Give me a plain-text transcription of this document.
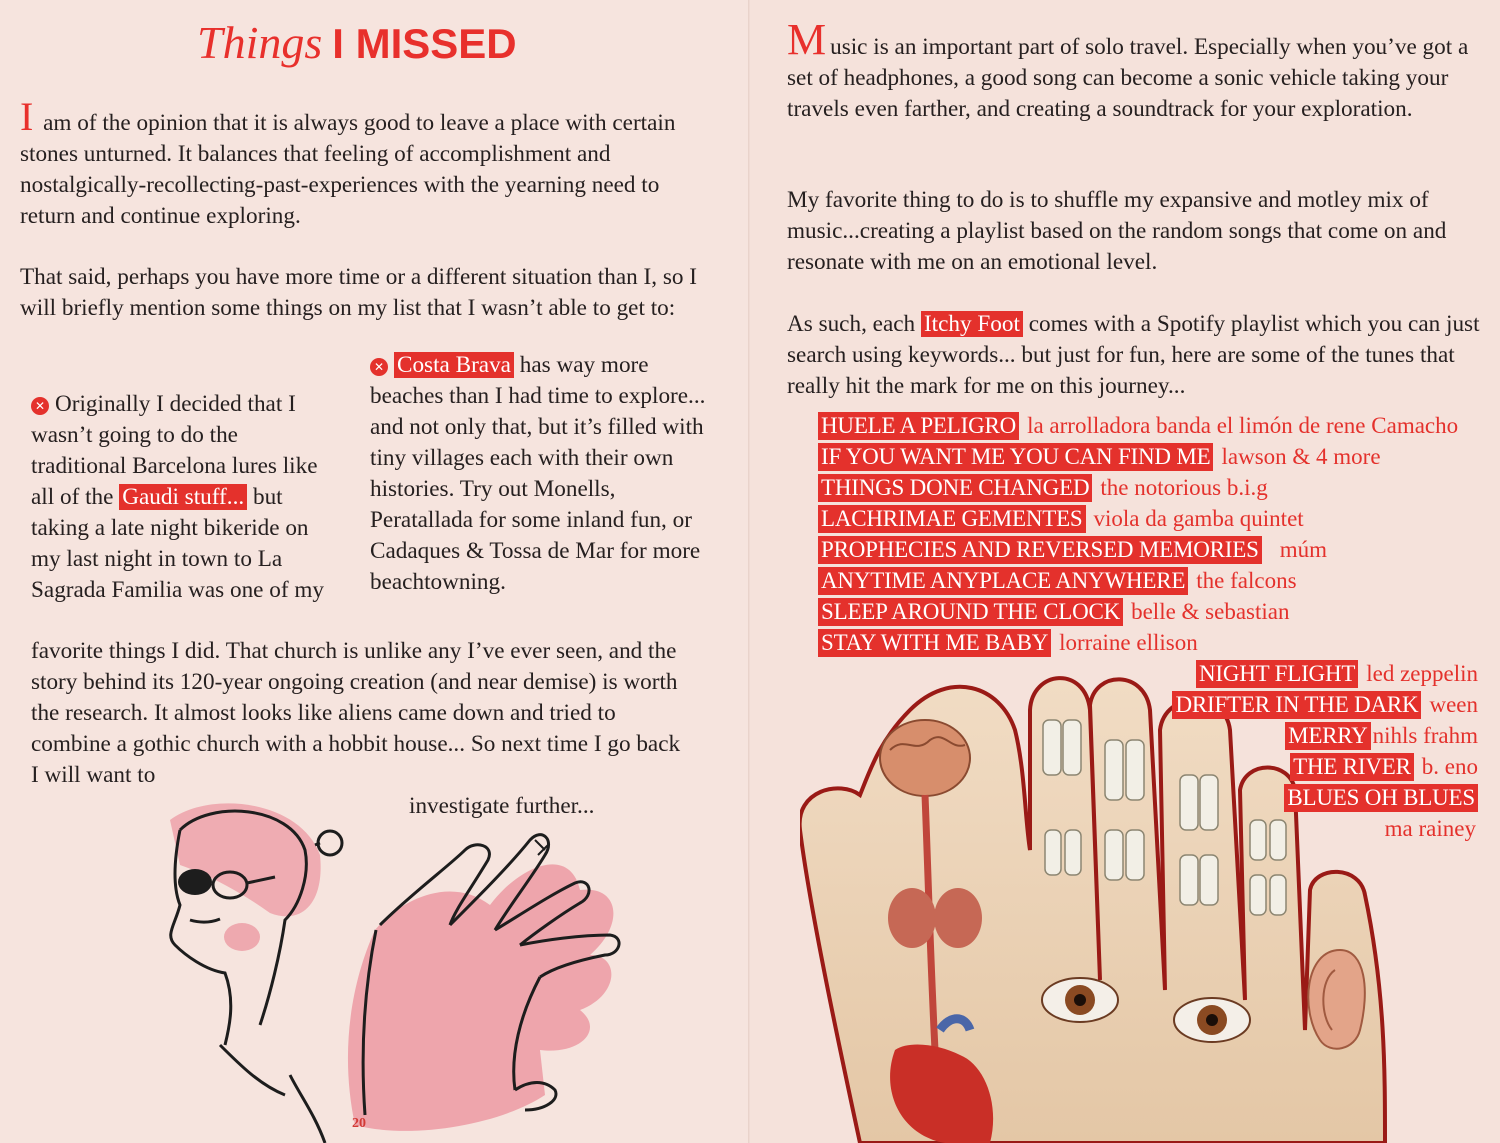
Things I MISSED

I am of the opinion that it is always good to leave a place with certain stones unturned. It balances that feeling of accomplishment and nostalgically-recollecting-past-experiences with the yearning need to return and continue exploring.

That said, perhaps you have more time or a different situation than I, so I will briefly mention some things on my list that I wasn’t able to get to:

✕ Costa Brava has way more beaches than I had time to explore... and not only that, but it’s filled with tiny villages each with their own histories. Try out Monells, Peratallada for some inland fun, or Cadaques & Tossa de Mar for more beachtowning.

✕ Originally I decided that I wasn’t going to do the traditional Barcelona lures like all of the Gaudi stuff... but taking a late night bikeride on my last night in town to La Sagrada Familia was one of my

favorite things I did. That church is unlike any I’ve ever seen, and the story behind its 120-year ongoing creation (and near demise) is worth the research. It almost looks like aliens came down and tried to combine a gothic church with a hobbit house... So next time I go back I will want to

investigate further...

20

Music is an important part of solo travel. Especially when you’ve got a set of headphones, a good song can become a sonic vehicle taking your travels even farther, and creating a soundtrack for your exploration.

My favorite thing to do is to shuffle my expansive and motley mix of music...creating a playlist based on the random songs that come on and resonate with me on an emotional level.

As such, each Itchy Foot comes with a Spotify playlist which you can just search using keywords... but just for fun, here are some of the tunes that really hit the mark for me on this journey...

HUELE A PELIGRO la arrolladora banda el limón de rene Camacho
IF YOU WANT ME YOU CAN FIND ME lawson & 4 more
THINGS DONE CHANGED the notorious b.i.g
LACHRIMAE GEMENTES viola da gamba quintet
PROPHECIES AND REVERSED MEMORIES múm
ANYTIME ANYPLACE ANYWHERE the falcons
SLEEP AROUND THE CLOCK belle & sebastian
STAY WITH ME BABY lorraine ellison
NIGHT FLIGHT led zeppelin
DRIFTER IN THE DARK ween
MERRY nihls frahm
THE RIVER b. eno
BLUES OH BLUES
ma rainey
